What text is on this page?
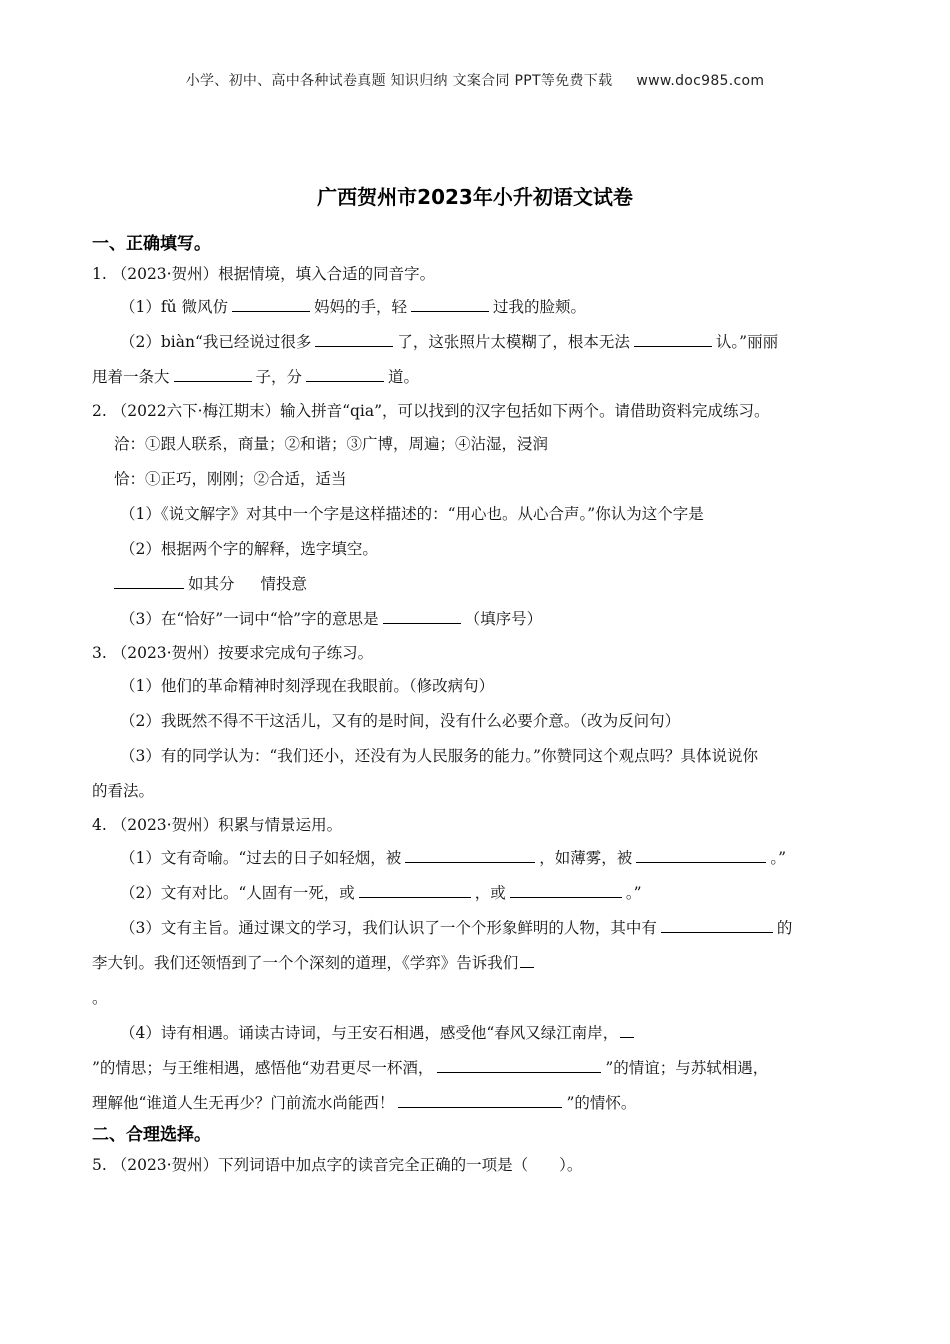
小学、初中、高中各种试卷真题 知识归纳 文案合同 PPT等免费下载 www.doc985.com
广西贺州市2023年小升初语文试卷
一、正确填写。
1. （2023·贺州）根据情境，填入合适的同音字。
（1）fǔ 微风仿	妈妈的手，轻	过我的脸颊。
（2）biàn“我已经说过很多	了，这张照片太模糊了，根本无法	认。”丽丽
甩着一条大	子，分	道。
2. （2022六下·梅江期末）输入拼音“qia”，可以找到的汉字包括如下两个。请借助资料完成练习。
洽：①跟人联系，商量；②和谐；③广博，周遍；④沾湿，浸润
恰：①正巧，刚刚；②合适，适当
（1）《说文解字》对其中一个字是这样描述的：“用心也。从心合声。”你认为这个字是
（2）根据两个字的解释，选字填空。
如其分 情投意
（3）在“恰好”一词中“恰”字的意思是	（填序号）
3. （2023·贺州）按要求完成句子练习。
（1）他们的革命精神时刻浮现在我眼前。（修改病句）
（2）我既然不得不干这活儿，又有的是时间，没有什么必要介意。（改为反问句）
（3）有的同学认为：“我们还小，还没有为人民服务的能力。”你赞同这个观点吗？具体说说你
的看法。
4. （2023·贺州）积累与情景运用。
（1）文有奇喻。“过去的日子如轻烟，被	，如薄雾，被	。”
（2）文有对比。“人固有一死，或	，或	。”
（3）文有主旨。通过课文的学习，我们认识了一个个形象鲜明的人物，其中有	的
李大钊。我们还领悟到了一个个深刻的道理，《学弈》告诉我们
。
（4）诗有相遇。诵读古诗词，与王安石相遇，感受他“春风又绿江南岸，
”的情思；与王维相遇，感悟他“劝君更尽一杯酒，	”的情谊；与苏轼相遇，
理解他“谁道人生无再少？门前流水尚能西！	”的情怀。
二、合理选择。
5. （2023·贺州）下列词语中加点字的读音完全正确的一项是（　　）。
